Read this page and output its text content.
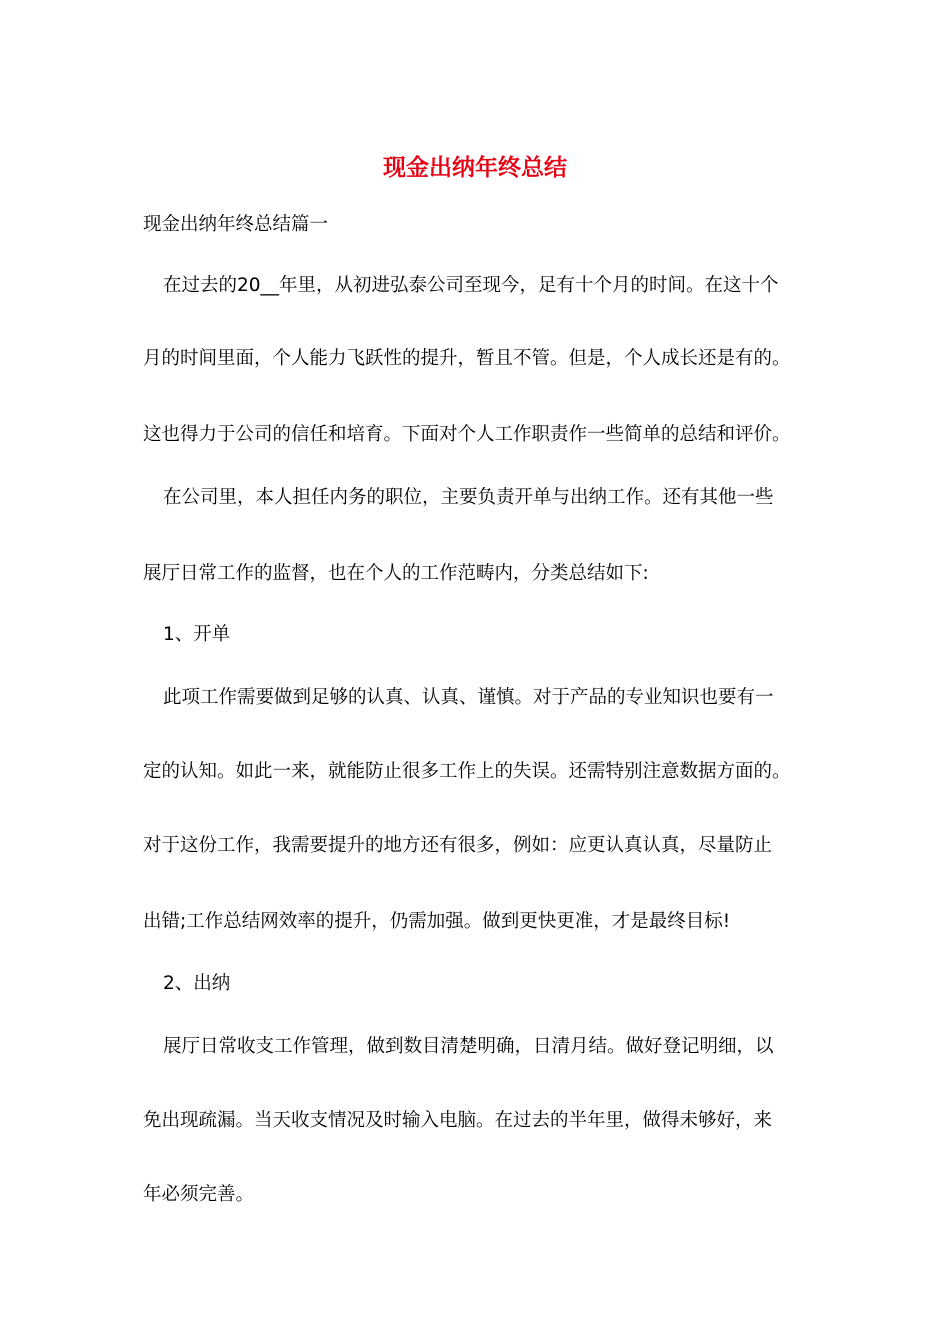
现金出纳年终总结

现金出纳年终总结篇一

在过去的20__年里，从初进弘泰公司至现今，足有十个月的时间。在这十个

月的时间里面，个人能力飞跃性的提升，暂且不管。但是，个人成长还是有的。

这也得力于公司的信任和培育。下面对个人工作职责作一些简单的总结和评价。

在公司里，本人担任内务的职位，主要负责开单与出纳工作。还有其他一些

展厅日常工作的监督，也在个人的工作范畴内，分类总结如下:

1、开单

此项工作需要做到足够的认真、认真、谨慎。对于产品的专业知识也要有一

定的认知。如此一来，就能防止很多工作上的失误。还需特别注意数据方面的。

对于这份工作，我需要提升的地方还有很多，例如：应更认真认真，尽量防止

出错;工作总结网效率的提升，仍需加强。做到更快更准，才是最终目标!

2、出纳

展厅日常收支工作管理，做到数目清楚明确，日清月结。做好登记明细，以

免出现疏漏。当天收支情况及时输入电脑。在过去的半年里，做得未够好，来

年必须完善。
